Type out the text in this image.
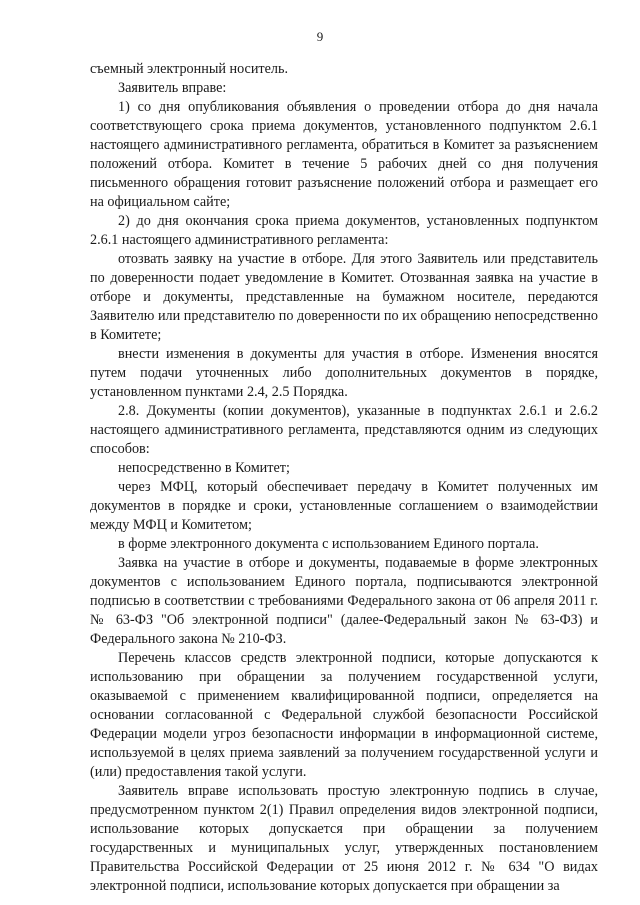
9

съемный электронный носитель.

Заявитель вправе:

1) со дня опубликования объявления о проведении отбора до дня начала соответствующего срока приема документов, установленного подпунктом 2.6.1 настоящего административного регламента, обратиться в Комитет за разъяснением положений отбора. Комитет в течение 5 рабочих дней со дня получения письменного обращения готовит разъяснение положений отбора и размещает его на официальном сайте;

2) до дня окончания срока приема документов, установленных подпунктом 2.6.1 настоящего административного регламента:

отозвать заявку на участие в отборе. Для этого Заявитель или представитель по доверенности подает уведомление в Комитет. Отозванная заявка на участие в отборе и документы, представленные на бумажном носителе, передаются Заявителю или представителю по доверенности по их обращению непосредственно в Комитете;

внести изменения в документы для участия в отборе. Изменения вносятся путем подачи уточненных либо дополнительных документов в порядке, установленном пунктами 2.4, 2.5 Порядка.

2.8. Документы (копии документов), указанные в подпунктах 2.6.1 и 2.6.2 настоящего административного регламента, представляются одним из следующих способов:

непосредственно в Комитет;

через МФЦ, который обеспечивает передачу в Комитет полученных им документов в порядке и сроки, установленные соглашением о взаимодействии между МФЦ и Комитетом;

в форме электронного документа с использованием Единого портала.

Заявка на участие в отборе и документы, подаваемые в форме электронных документов с использованием Единого портала, подписываются электронной подписью в соответствии с требованиями Федерального закона от 06 апреля 2011 г. № 63-ФЗ "Об электронной подписи" (далее-Федеральный закон № 63-ФЗ) и Федерального закона № 210-ФЗ.

Перечень классов средств электронной подписи, которые допускаются к использованию при обращении за получением государственной услуги, оказываемой с применением квалифицированной подписи, определяется на основании согласованной с Федеральной службой безопасности Российской Федерации модели угроз безопасности информации в информационной системе, используемой в целях приема заявлений за получением государственной услуги и (или) предоставления такой услуги.

Заявитель вправе использовать простую электронную подпись в случае, предусмотренном пунктом 2(1) Правил определения видов электронной подписи, использование которых допускается при обращении за получением государственных и муниципальных услуг, утвержденных постановлением Правительства Российской Федерации от 25 июня 2012 г. № 634 "О видах электронной подписи, использование которых допускается при обращении за
